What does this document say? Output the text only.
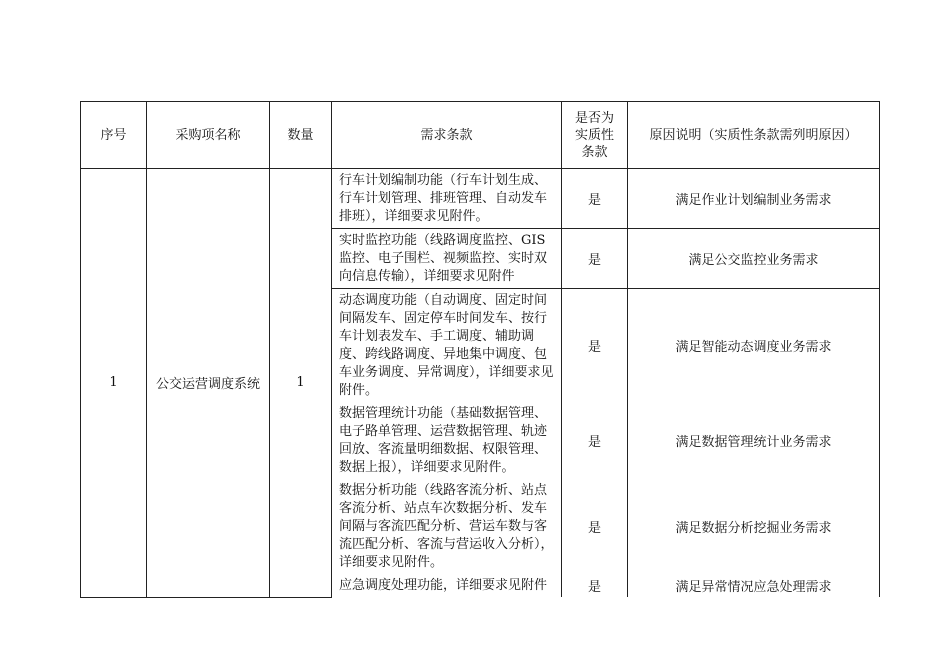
序号	采购项名称	数量	需求条款	是否为
实质性
条款	原因说明（实质性条款需列明原因）
1	公交运营调度系统	1	行车计划编制功能（行车计划生成、行车计划管理、排班管理、自动发车排班），详细要求见附件。	是	满足作业计划编制业务需求
			实时监控功能（线路调度监控、GIS监控、电子围栏、视频监控、实时双向信息传输），详细要求见附件	是	满足公交监控业务需求
			动态调度功能（自动调度、固定时间间隔发车、固定停车时间发车、按行车计划表发车、手工调度、辅助调度、跨线路调度、异地集中调度、包车业务调度、异常调度），详细要求见附件。	是	满足智能动态调度业务需求
			数据管理统计功能（基础数据管理、电子路单管理、运营数据管理、轨迹回放、客流量明细数据、权限管理、数据上报），详细要求见附件。	是	满足数据管理统计业务需求
			数据分析功能（线路客流分析、站点客流分析、站点车次数据分析、发车间隔与客流匹配分析、营运车数与客流匹配分析、客流与营运收入分析），详细要求见附件。	是	满足数据分析挖掘业务需求
			应急调度处理功能，详细要求见附件	是	满足异常情况应急处理需求
